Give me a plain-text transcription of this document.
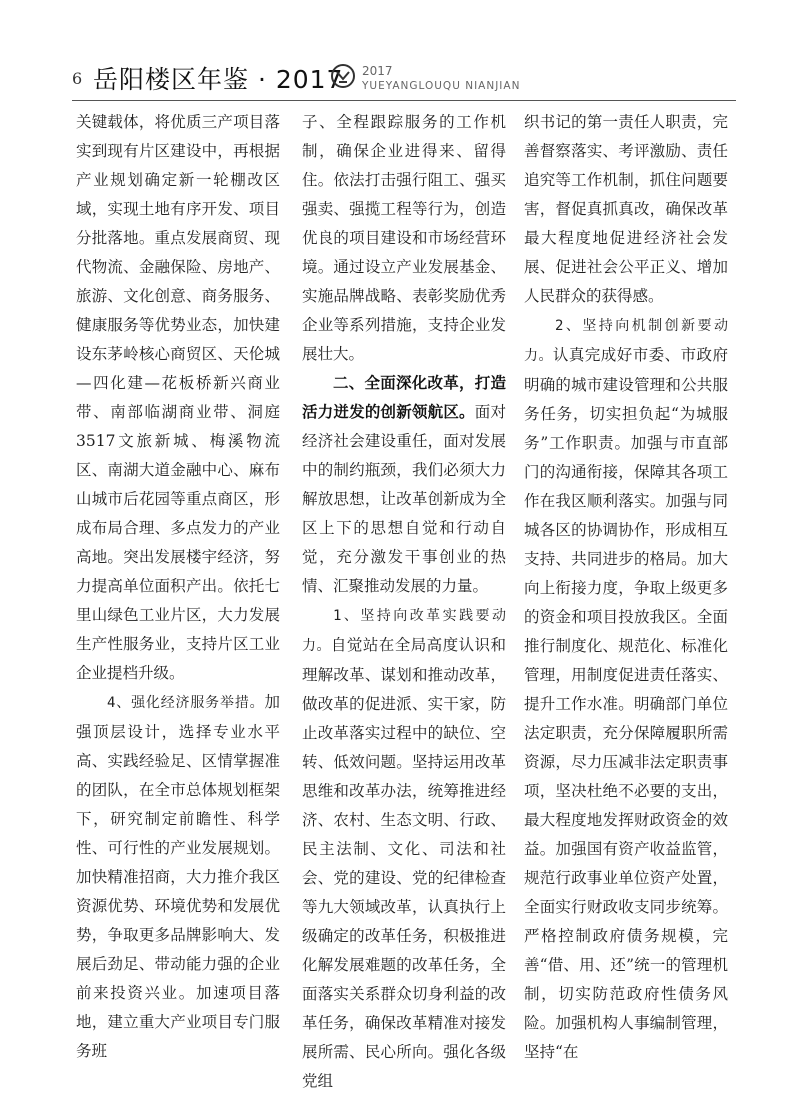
6 岳阳楼区年鉴 · 2017 2017
YUEYANGLOUQU NIANJIAN

关键载体，将优质三产项目落实到现有片区建设中，再根据产业规划确定新一轮棚改区域，实现土地有序开发、项目分批落地。重点发展商贸、现代物流、金融保险、房地产、旅游、文化创意、商务服务、健康服务等优势业态，加快建设东茅岭核心商贸区、天伦城—四化建—花板桥新兴商业带、南部临湖商业带、洞庭3517文旅新城、梅溪物流区、南湖大道金融中心、麻布山城市后花园等重点商区，形成布局合理、多点发力的产业高地。突出发展楼宇经济，努力提高单位面积产出。依托七里山绿色工业片区，大力发展生产性服务业，支持片区工业企业提档升级。

4、强化经济服务举措。加强顶层设计，选择专业水平高、实践经验足、区情掌握准的团队，在全市总体规划框架下，研究制定前瞻性、科学性、可行性的产业发展规划。加快精准招商，大力推介我区资源优势、环境优势和发展优势，争取更多品牌影响大、发展后劲足、带动能力强的企业前来投资兴业。加速项目落地，建立重大产业项目专门服务班

子、全程跟踪服务的工作机制，确保企业进得来、留得住。依法打击强行阻工、强买强卖、强揽工程等行为，创造优良的项目建设和市场经营环境。通过设立产业发展基金、实施品牌战略、表彰奖励优秀企业等系列措施，支持企业发展壮大。

二、全面深化改革，打造活力迸发的创新领航区。面对经济社会建设重任，面对发展中的制约瓶颈，我们必须大力解放思想，让改革创新成为全区上下的思想自觉和行动自觉，充分激发干事创业的热情、汇聚推动发展的力量。

1、坚持向改革实践要动力。自觉站在全局高度认识和理解改革、谋划和推动改革，做改革的促进派、实干家，防止改革落实过程中的缺位、空转、低效问题。坚持运用改革思维和改革办法，统筹推进经济、农村、生态文明、行政、民主法制、文化、司法和社会、党的建设、党的纪律检查等九大领域改革，认真执行上级确定的改革任务，积极推进化解发展难题的改革任务，全面落实关系群众切身利益的改革任务，确保改革精准对接发展所需、民心所向。强化各级党组

织书记的第一责任人职责，完善督察落实、考评激励、责任追究等工作机制，抓住问题要害，督促真抓真改，确保改革最大程度地促进经济社会发展、促进社会公平正义、增加人民群众的获得感。

2、坚持向机制创新要动力。认真完成好市委、市政府明确的城市建设管理和公共服务任务，切实担负起“为城服务”工作职责。加强与市直部门的沟通衔接，保障其各项工作在我区顺利落实。加强与同城各区的协调协作，形成相互支持、共同进步的格局。加大向上衔接力度，争取上级更多的资金和项目投放我区。全面推行制度化、规范化、标准化管理，用制度促进责任落实、提升工作水准。明确部门单位法定职责，充分保障履职所需资源，尽力压减非法定职责事项，坚决杜绝不必要的支出，最大程度地发挥财政资金的效益。加强国有资产收益监管，规范行政事业单位资产处置，全面实行财政收支同步统筹。严格控制政府债务规模，完善“借、用、还”统一的管理机制，切实防范政府性债务风险。加强机构人事编制管理，坚持“在
